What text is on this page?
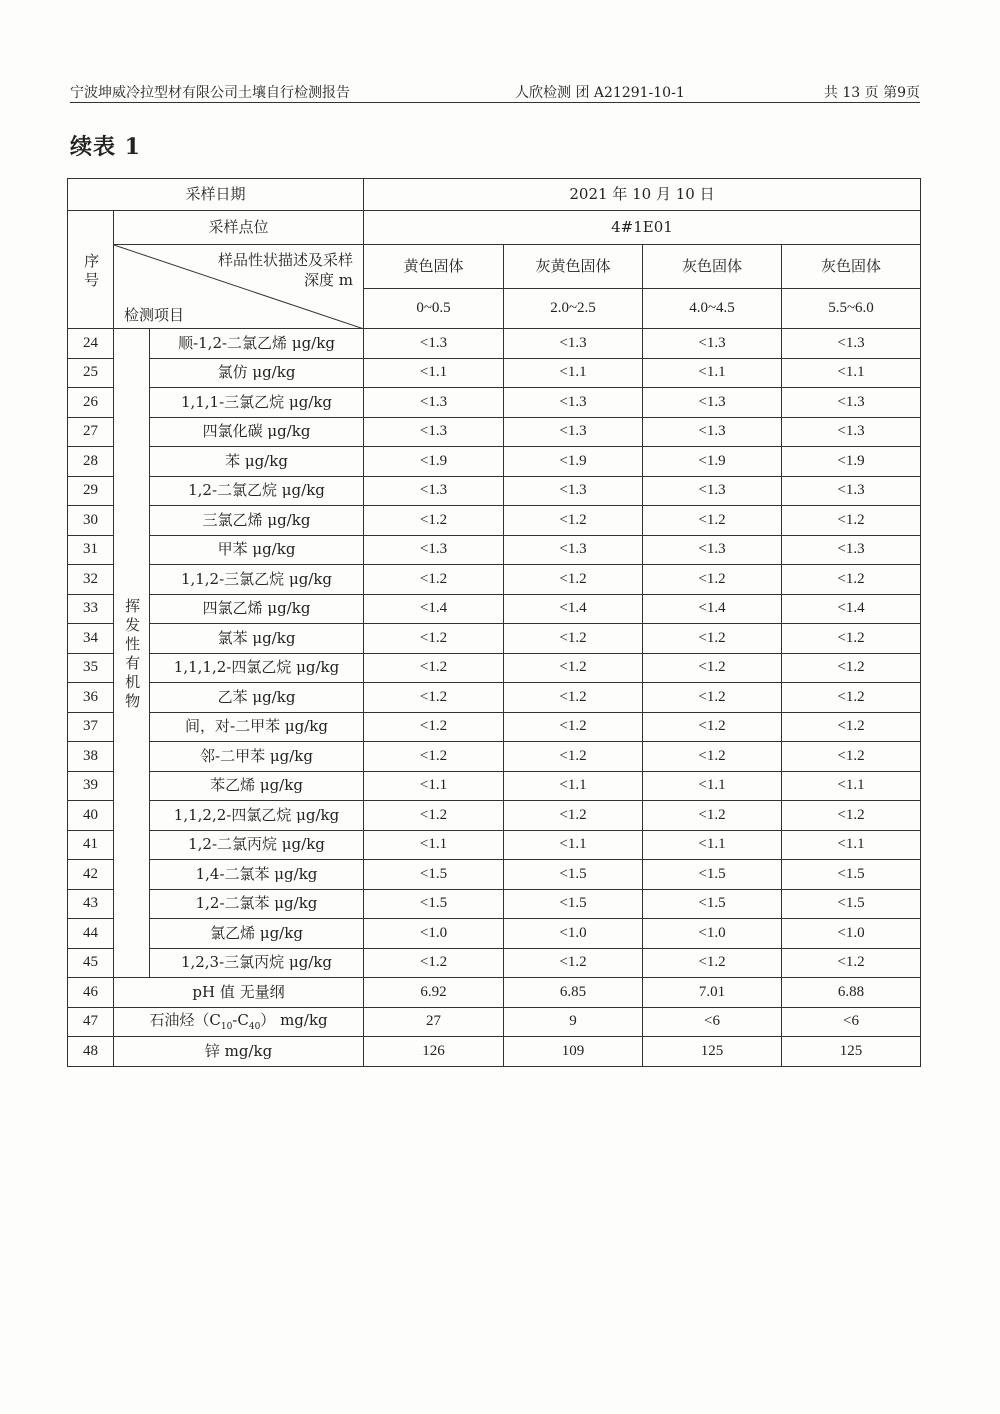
宁波坤威冷拉型材有限公司土壤自行检测报告	人欣检测 团 A21291-10-1	共 13 页 第9页
续表 1
采样日期			2021 年 10 月 10 日			
序号	采样点位		4#1E01			

	样品性状描述及采样深度 m
检测项目		黄色固体	灰黄色固体	灰色固体	灰色固体
			0~0.5	2.0~2.5	4.0~4.5	5.5~6.0
24	挥发性有机物	顺-1,2-二氯乙烯 μg/kg	<1.3	<1.3	<1.3	<1.3
25		氯仿 μg/kg	<1.1	<1.1	<1.1	<1.1
26		1,1,1-三氯乙烷 μg/kg	<1.3	<1.3	<1.3	<1.3
27		四氯化碳 μg/kg	<1.3	<1.3	<1.3	<1.3
28		苯 μg/kg	<1.9	<1.9	<1.9	<1.9
29		1,2-二氯乙烷 μg/kg	<1.3	<1.3	<1.3	<1.3
30		三氯乙烯 μg/kg	<1.2	<1.2	<1.2	<1.2
31		甲苯 μg/kg	<1.3	<1.3	<1.3	<1.3
32		1,1,2-三氯乙烷 μg/kg	<1.2	<1.2	<1.2	<1.2
33		四氯乙烯 μg/kg	<1.4	<1.4	<1.4	<1.4
34		氯苯 μg/kg	<1.2	<1.2	<1.2	<1.2
35		1,1,1,2-四氯乙烷 μg/kg	<1.2	<1.2	<1.2	<1.2
36		乙苯 μg/kg	<1.2	<1.2	<1.2	<1.2
37		间，对-二甲苯 μg/kg	<1.2	<1.2	<1.2	<1.2
38		邻-二甲苯 μg/kg	<1.2	<1.2	<1.2	<1.2
39		苯乙烯 μg/kg	<1.1	<1.1	<1.1	<1.1
40		1,1,2,2-四氯乙烷 μg/kg	<1.2	<1.2	<1.2	<1.2
41		1,2-二氯丙烷 μg/kg	<1.1	<1.1	<1.1	<1.1
42		1,4-二氯苯 μg/kg	<1.5	<1.5	<1.5	<1.5
43		1,2-二氯苯 μg/kg	<1.5	<1.5	<1.5	<1.5
44		氯乙烯 μg/kg	<1.0	<1.0	<1.0	<1.0
45		1,2,3-三氯丙烷 μg/kg	<1.2	<1.2	<1.2	<1.2
46	pH 值 无量纲		6.92	6.85	7.01	6.88
47	石油烃$(C_{10}-C_{40})$ mg/kg		27	9	<6	<6
48	锌 mg/kg		126	109	125	125
